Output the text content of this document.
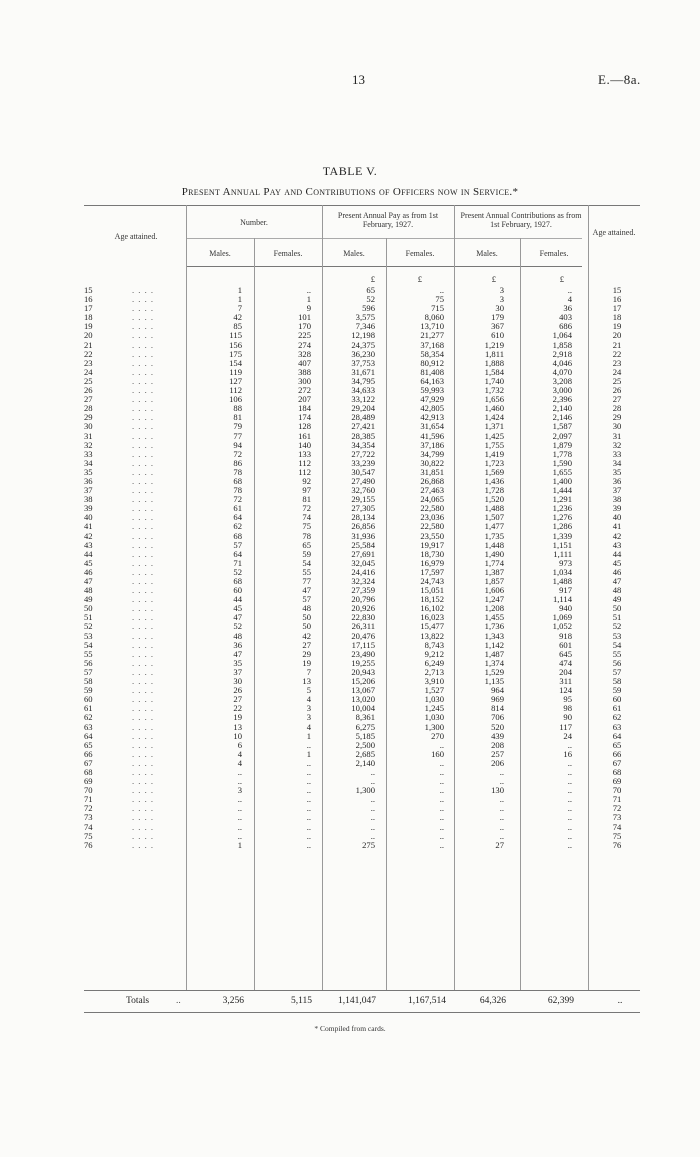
13	E.—8a.
TABLE V.
Present Annual Pay and Contributions of Officers now in Service.*
Age attained.
Number.
Present Annual Pay as from 1st February, 1927.
Present Annual Contributions as from 1st February, 1927.
Age attained.
Males.	Females.	Males.	Females.	Males.	Females.
£	£	£	£
15	. . . .	1	..	65	..	3	..	15
16	. . . .	1	1	52	75	3	4	16
17	. . . .	7	9	596	715	30	36	17
18	. . . .	42	101	3,575	8,060	179	403	18
19	. . . .	85	170	7,346	13,710	367	686	19
20	. . . .	115	225	12,198	21,277	610	1,064	20
21	. . . .	156	274	24,375	37,168	1,219	1,858	21
22	. . . .	175	328	36,230	58,354	1,811	2,918	22
23	. . . .	154	407	37,753	80,912	1,888	4,046	23
24	. . . .	119	388	31,671	81,408	1,584	4,070	24
25	. . . .	127	300	34,795	64,163	1,740	3,208	25
26	. . . .	112	272	34,633	59,993	1,732	3,000	26
27	. . . .	106	207	33,122	47,929	1,656	2,396	27
28	. . . .	88	184	29,204	42,805	1,460	2,140	28
29	. . . .	81	174	28,489	42,913	1,424	2,146	29
30	. . . .	79	128	27,421	31,654	1,371	1,587	30
31	. . . .	77	161	28,385	41,596	1,425	2,097	31
32	. . . .	94	140	34,354	37,186	1,755	1,879	32
33	. . . .	72	133	27,722	34,799	1,419	1,778	33
34	. . . .	86	112	33,239	30,822	1,723	1,590	34
35	. . . .	78	112	30,547	31,851	1,569	1,655	35
36	. . . .	68	92	27,490	26,868	1,436	1,400	36
37	. . . .	78	97	32,760	27,463	1,728	1,444	37
38	. . . .	72	81	29,155	24,065	1,520	1,291	38
39	. . . .	61	72	27,305	22,580	1,488	1,236	39
40	. . . .	64	74	28,134	23,036	1,507	1,276	40
41	. . . .	62	75	26,856	22,580	1,477	1,286	41
42	. . . .	68	78	31,936	23,550	1,735	1,339	42
43	. . . .	57	65	25,584	19,917	1,448	1,151	43
44	. . . .	64	59	27,691	18,730	1,490	1,111	44
45	. . . .	71	54	32,045	16,979	1,774	973	45
46	. . . .	52	55	24,416	17,597	1,387	1,034	46
47	. . . .	68	77	32,324	24,743	1,857	1,488	47
48	. . . .	60	47	27,359	15,051	1,606	917	48
49	. . . .	44	57	20,796	18,152	1,247	1,114	49
50	. . . .	45	48	20,926	16,102	1,208	940	50
51	. . . .	47	50	22,830	16,023	1,455	1,069	51
52	. . . .	52	50	26,311	15,477	1,736	1,052	52
53	. . . .	48	42	20,476	13,822	1,343	918	53
54	. . . .	36	27	17,115	8,743	1,142	601	54
55	. . . .	47	29	23,490	9,212	1,487	645	55
56	. . . .	35	19	19,255	6,249	1,374	474	56
57	. . . .	37	7	20,943	2,713	1,529	204	57
58	. . . .	30	13	15,206	3,910	1,135	311	58
59	. . . .	26	5	13,067	1,527	964	124	59
60	. . . .	27	4	13,020	1,030	969	95	60
61	. . . .	22	3	10,004	1,245	814	98	61
62	. . . .	19	3	8,361	1,030	706	90	62
63	. . . .	13	4	6,275	1,300	520	117	63
64	. . . .	10	1	5,185	270	439	24	64
65	. . . .	6	..	2,500	..	208	..	65
66	. . . .	4	1	2,685	160	257	16	66
67	. . . .	4	..	2,140	..	206	..	67
68	. . . .	..	..	..	..	..	..	68
69	. . . .	..	..	..	..	..	..	69
70	. . . .	3	..	1,300	..	130	..	70
71	. . . .	..	..	..	..	..	..	71
72	. . . .	..	..	..	..	..	..	72
73	. . . .	..	..	..	..	..	..	73
74	. . . .	..	..	..	..	..	..	74
75	. . . .	..	..	..	..	..	..	75
76	. . . .	1	..	275	..	27	..	76
Totals	..	3,256	5,115	1,141,047	1,167,514	64,326	62,399	..
* Compiled from cards.
